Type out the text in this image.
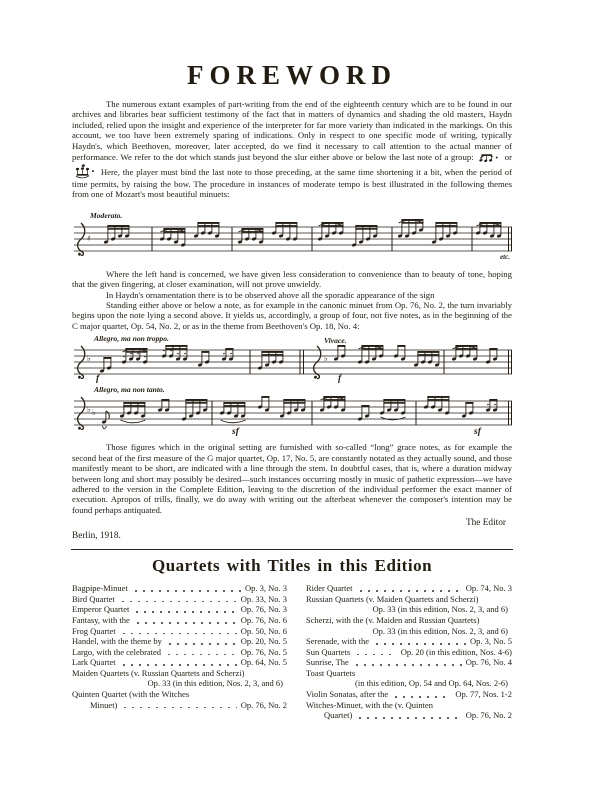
FOREWORD

The numerous extant examples of part-writing from the end of the eighteenth century which are to be found in our archives and libraries bear sufficient testimony of the fact that in matters of dynamics and shading the old masters, Haydn included, relied upon the insight and experience of the interpreter for far more variety than indicated in the markings. On this account, we too have been extremely sparing of indications. Only in respect to one specific mode of writing, typically Haydn's, which Beethoven, moreover, later accepted, do we find it necessary to call attention to the actual manner of performance. We refer to the dot which stands just beyond the slur either above or below the last note of a group:	or  Here, the player must bind the last note to those preceding, at the same time shortening it a bit, when the period of time permits, by raising the bow. The procedure in instances of moderate tempo is best illustrated in the following themes from one of Mozart's most beautiful minuets:

Moderato.
♯
etc.

Where the left hand is concerned, we have given less consideration to convenience than to beauty of tone, hoping that the given fingering, at closer examination, will not prove unwieldy.

In Haydn's ornamentation there is to be observed above all the sporadic appearance of the sign

Standing either above or below a note, as for example in the canonic minuet from Op. 76, No. 2, the turn invariably begins upon the note lying a second above. It yields us, accordingly, a group of four, not five notes, as in the beginning of the C major quartet, Op. 54, No. 2, or as in the theme from Beethoven's Op. 18, No. 4:

Allegro, ma non troppo.	Vivace.
♭	♭
f	f
Allegro, ma non tanto.
♭ ♭
sf	sf

Those figures which in the original setting are furnished with so-called “long” grace notes, as for example the second beat of the first measure of the G major quartet, Op. 17, No. 5, are constantly notated as they actually sound, and those manifestly meant to be short, are indicated with a line through the stem. In doubtful cases, that is, where a duration midway between long and short may possibly be desired—such instances occurring mostly in music of pathetic expression—we have adhered to the version in the Complete Edition, leaving to the discretion of the individual performer the exact manner of execution. Apropos of trills, finally, we do away with writing out the afterbeat whenever the composer's intention may be found perhaps antiquated.

The Editor
Berlin, 1918.
Quartets with Titles in this Edition
Bagpipe-Minuet	Op. 3, No. 3
Bird Quartet	Op. 33, No. 3
Emperor Quartet	Op. 76, No. 3
Fantasy, with the	Op. 76, No. 6
Frog Quartet	Op. 50, No. 6
Handel, with the theme by	Op. 20, No. 5
Largo, with the celebrated	Op. 76, No. 5
Lark Quartet	Op. 64, No. 5
Maiden Quartets (v. Russian Quartets and Scherzi)
Op. 33 (in this edition, Nos. 2, 3, and 6)
Quinten Quartet (with the Witches
Minuet)	Op. 76, No. 2
Rider Quartet	Op. 74, No. 3
Russian Quartets (v. Maiden Quartets and Scherzi)
Op. 33 (in this edition, Nos. 2, 3, and 6)
Scherzi, with the (v. Maiden and Russian Quartets)
Op. 33 (in this edition, Nos. 2, 3, and 6)
Serenade, with the	Op. 3, No. 5
Sun Quartets	Op. 20 (in this edition, Nos. 4-6)
Sunrise, The	Op. 76, No. 4
Toast Quartets
(in this edition, Op. 54 and Op. 64, Nos. 2-6)
Violin Sonatas, after the	Op. 77, Nos. 1-2
Witches-Minuet, with the (v. Quinten
Quartet)	Op. 76, No. 2
